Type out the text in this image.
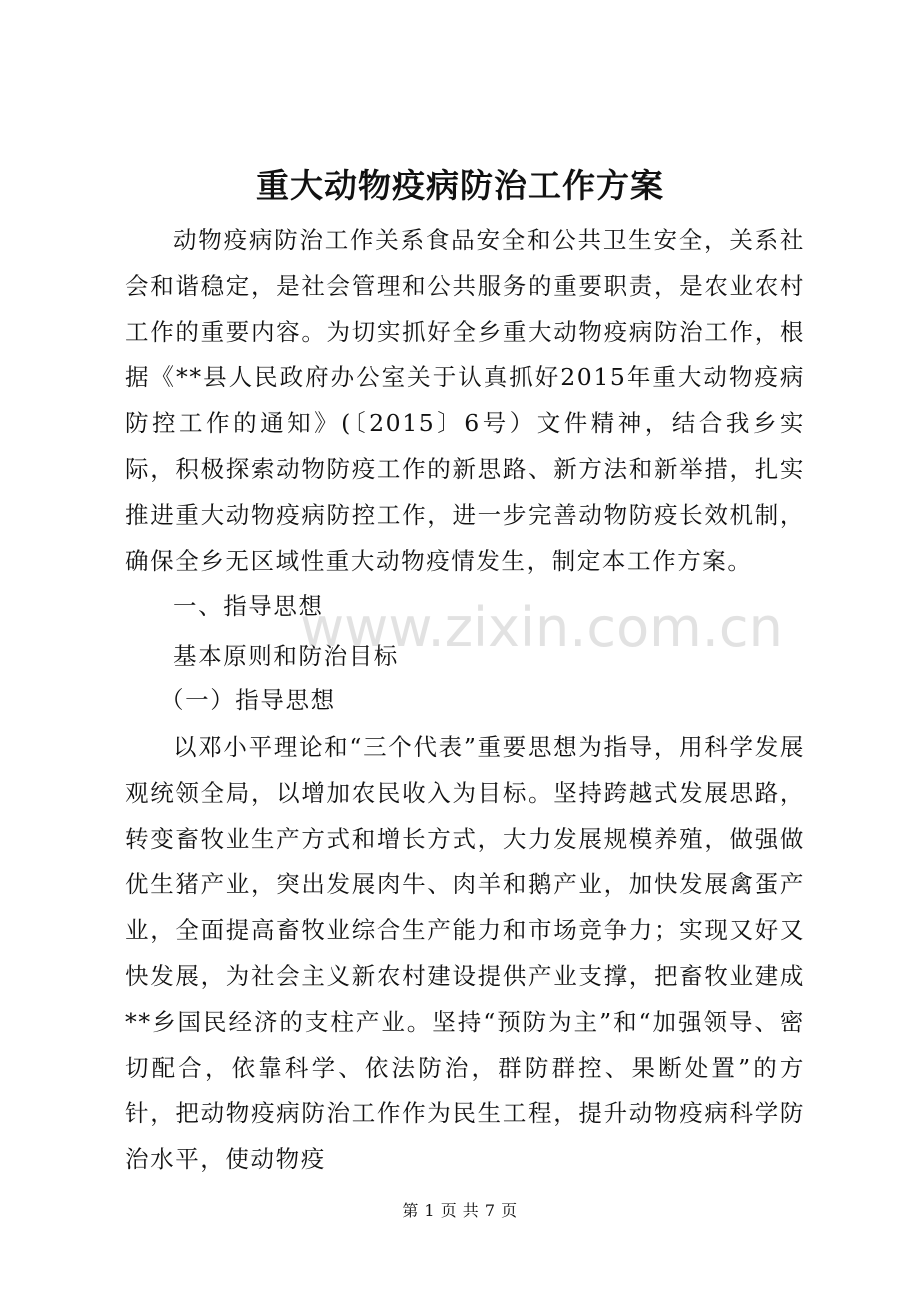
重大动物疫病防治工作方案

动物疫病防治工作关系食品安全和公共卫生安全，关系社会和谐稳定，是社会管理和公共服务的重要职责，是农业农村工作的重要内容。为切实抓好全乡重大动物疫病防治工作，根据《**县人民政府办公室关于认真抓好2015年重大动物疫病防控工作的通知》(〔2015〕6号）文件精神，结合我乡实际，积极探索动物防疫工作的新思路、新方法和新举措，扎实推进重大动物疫病防控工作，进一步完善动物防疫长效机制，确保全乡无区域性重大动物疫情发生，制定本工作方案。

一、指导思想

基本原则和防治目标

（一）指导思想

以邓小平理论和“三个代表”重要思想为指导，用科学发展观统领全局，以增加农民收入为目标。坚持跨越式发展思路，转变畜牧业生产方式和增长方式，大力发展规模养殖，做强做优生猪产业，突出发展肉牛、肉羊和鹅产业，加快发展禽蛋产业，全面提高畜牧业综合生产能力和市场竞争力；实现又好又快发展，为社会主义新农村建设提供产业支撑，把畜牧业建成**乡国民经济的支柱产业。坚持“预防为主”和“加强领导、密切配合，依靠科学、依法防治，群防群控、果断处置”的方针，把动物疫病防治工作作为民生工程，提升动物疫病科学防治水平，使动物疫

www.zixin.com.cn
第 1 页 共 7 页
